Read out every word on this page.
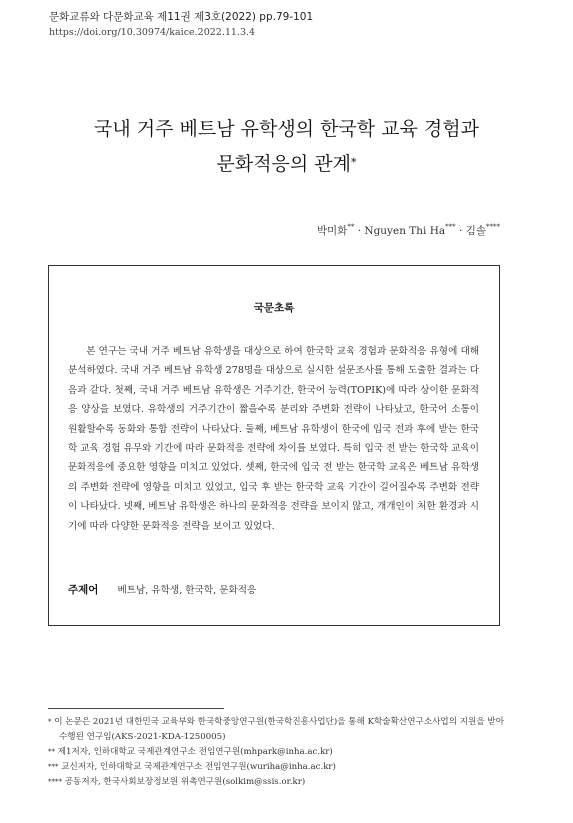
문화교류와 다문화교육 제11권 제3호(2022) pp.79-101
https://doi.org/10.30974/kaice.2022.11.3.4
국내 거주 베트남 유학생의 한국학 교육 경험과
문화적응의 관계*
박미화** · Nguyen Thi Ha*** · 김솔****
국문초록

본 연구는 국내 거주 베트남 유학생을 대상으로 하여 한국학 교육 경험과 문화적응 유형에 대해 분석하였다. 국내 거주 베트남 유학생 278명을 대상으로 실시한 설문조사를 통해 도출한 결과는 다음과 같다. 첫째, 국내 거주 베트남 유학생은 거주기간, 한국어 능력(TOPIK)에 따라 상이한 문화적응 양상을 보였다. 유학생의 거주기간이 짧을수록 분리와 주변화 전략이 나타났고, 한국어 소통이 원활할수록 동화와 통합 전략이 나타났다. 둘째, 베트남 유학생이 한국에 입국 전과 후에 받는 한국학 교육 경험 유무와 기간에 따라 문화적응 전략에 차이를 보였다. 특히 입국 전 받는 한국학 교육이 문화적응에 중요한 영향을 미치고 있었다. 셋째, 한국에 입국 전 받는 한국학 교육은 베트남 유학생의 주변화 전략에 영향을 미치고 있었고, 입국 후 받는 한국학 교육 기간이 길어질수록 주변화 전략이 나타났다. 넷째, 베트남 유학생은 하나의 문화적응 전략을 보이지 않고, 개개인이 처한 환경과 시기에 따라 다양한 문화적응 전략을 보이고 있었다.

주제어 베트남, 유학생, 한국학, 문화적응
* 이 논문은 2021년 대한민국 교육부와 한국학중앙연구원(한국학진흥사업단)을 통해 K학술확산연구소사업의 지원을 받아 수행된 연구임(AKS-2021-KDA-1250005)
** 제1저자, 인하대학교 국제관계연구소 전임연구원(mhpark@inha.ac.kr)
*** 교신저자, 인하대학교 국제관계연구소 전임연구원(wuriha@inha.ac.kr)
**** 공동저자, 한국사회보장정보원 위촉연구원(solkim@ssis.or.kr)
